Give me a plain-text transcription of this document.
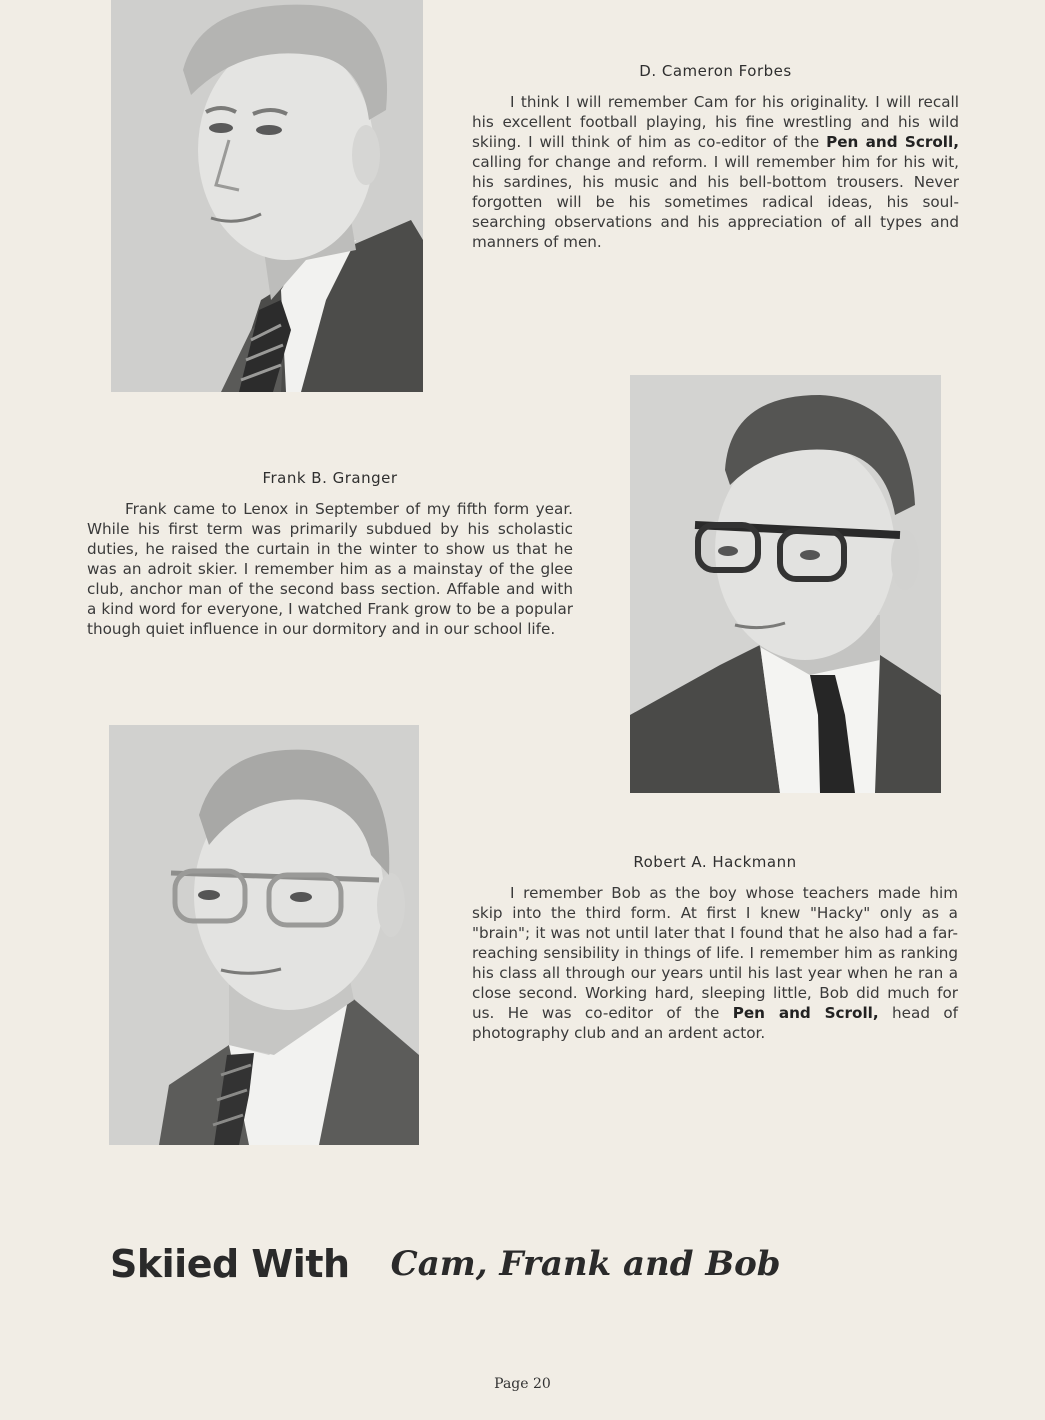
D. Cameron Forbes

I think I will remember Cam for his originality. I will recall his excellent football playing, his fine wrestling and his wild skiing. I will think of him as co-editor of the Pen and Scroll, calling for change and reform. I will remember him for his wit, his sardines, his music and his bell-bottom trousers. Never forgotten will be his sometimes radical ideas, his soul-searching observations and his appreciation of all types and manners of men.

Frank B. Granger

Frank came to Lenox in September of my fifth form year. While his first term was primarily subdued by his scholastic duties, he raised the curtain in the winter to show us that he was an adroit skier. I remember him as a mainstay of the glee club, anchor man of the second bass section. Affable and with a kind word for everyone, I watched Frank grow to be a popular though quiet influence in our dormitory and in our school life.

Robert A. Hackmann

I remember Bob as the boy whose teachers made him skip into the third form. At first I knew "Hacky" only as a "brain"; it was not until later that I found that he also had a far-reaching sensibility in things of life. I remember him as ranking his class all through our years until his last year when he ran a close second. Working hard, sleeping little, Bob did much for us. He was co-editor of the Pen and Scroll, head of photography club and an ardent actor.

Skiied With Cam, Frank and Bob
Page 20
